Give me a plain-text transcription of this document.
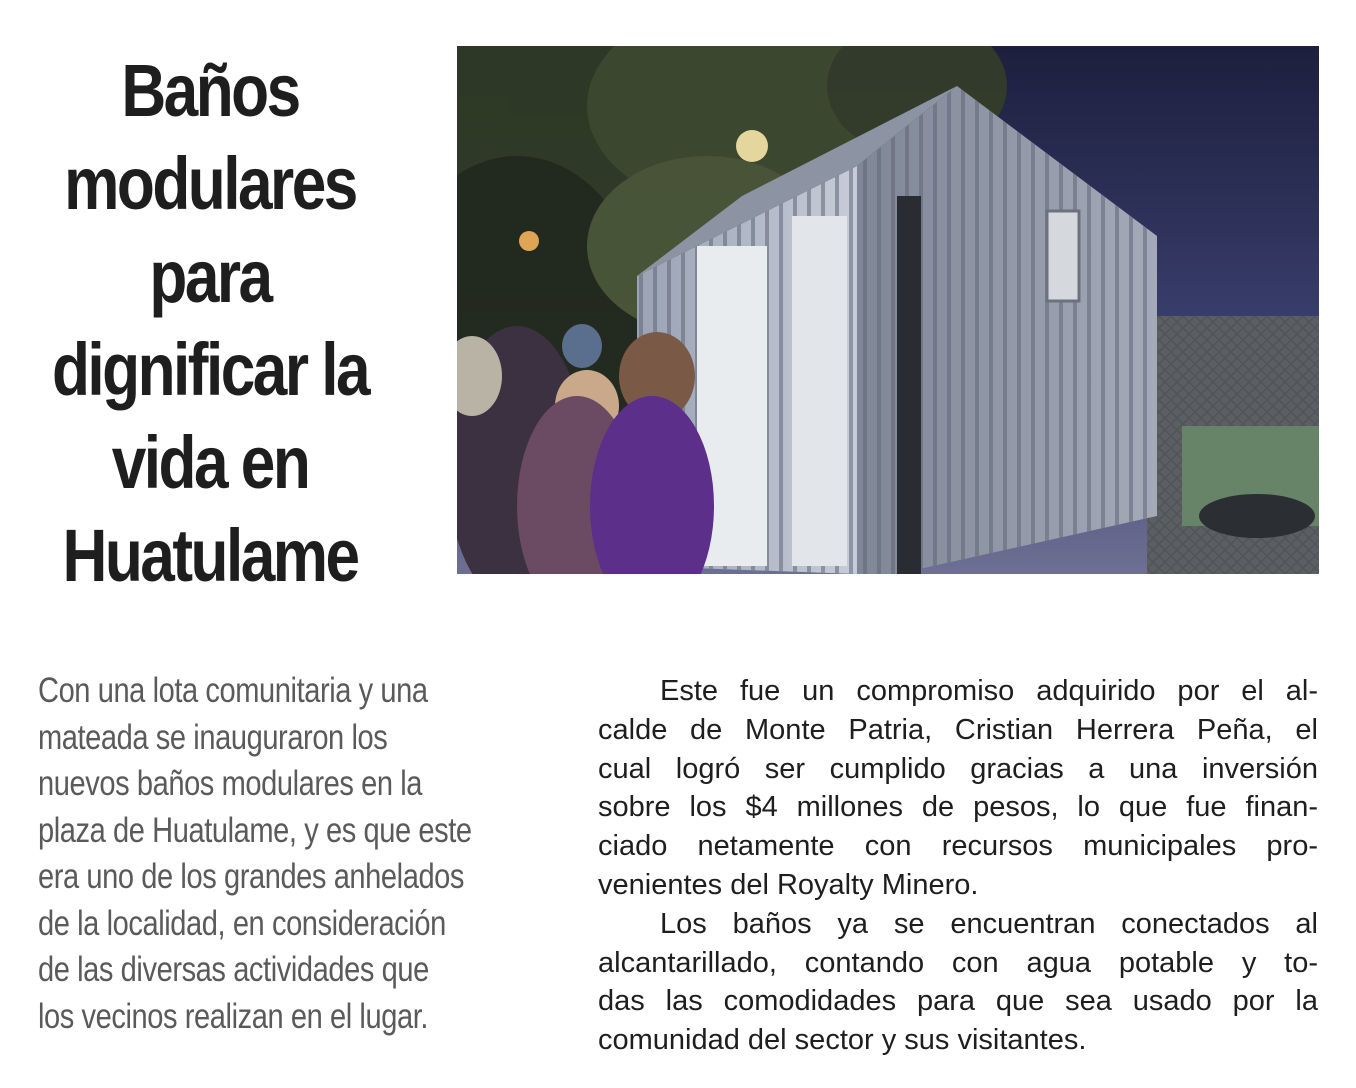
Baños
modulares
para
dignificar la
vida en
Huatulame
Con una lota comunitaria y una
mateada se inauguraron los
nuevos baños modulares en la
plaza de Huatulame, y es que este
era uno de los grandes anhelados
de la localidad, en consideración
de las diversas actividades que
los vecinos realizan en el lugar.
Este fue un compromiso adquirido por el al-
calde de Monte Patria, Cristian Herrera Peña, el
cual logró ser cumplido gracias a una inversión
sobre los $4 millones de pesos, lo que fue finan-
ciado netamente con recursos municipales pro-
venientes del Royalty Minero.
Los baños ya se encuentran conectados al
alcantarillado, contando con agua potable y to-
das las comodidades para que sea usado por la
comunidad del sector y sus visitantes.
